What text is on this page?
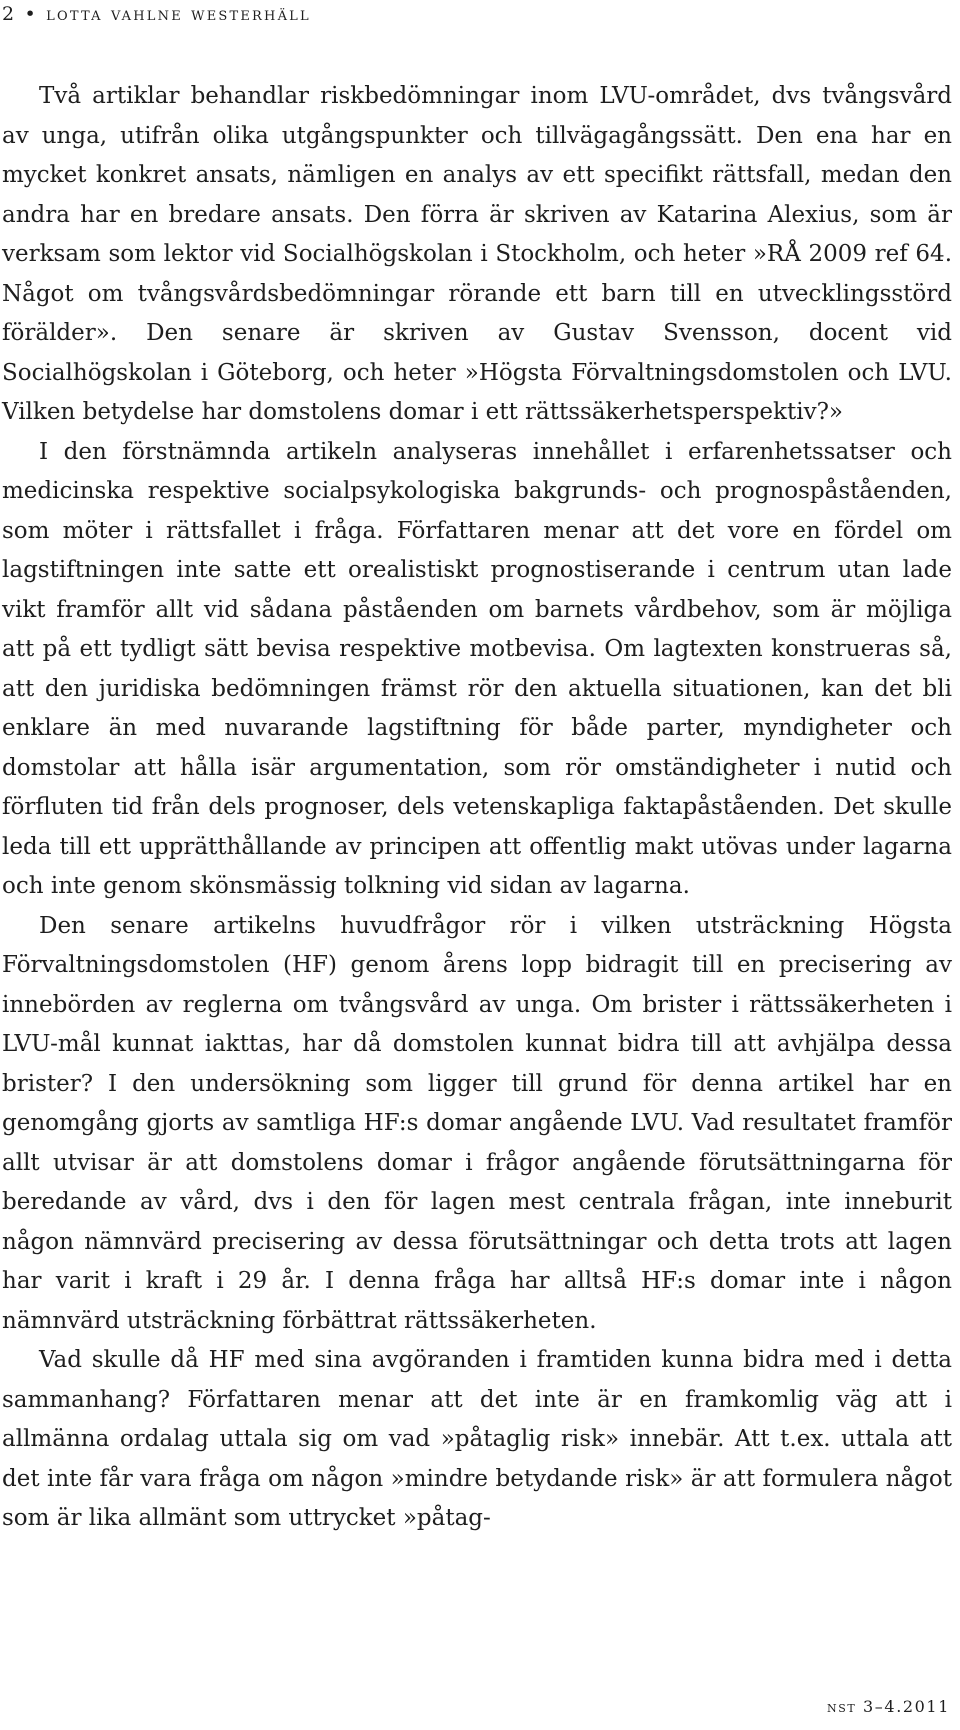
2 • lotta vahlne westerhäll

Två artiklar behandlar riskbedömningar inom LVU-området, dvs tvångsvård av unga, utifrån olika utgångspunkter och tillvägagångssätt. Den ena har en mycket konkret ansats, nämligen en analys av ett specifikt rättsfall, medan den andra har en bredare ansats. Den förra är skriven av Katarina Alexius, som är verksam som lektor vid Socialhögskolan i Stockholm, och heter »RÅ 2009 ref 64. Något om tvångsvårdsbedömningar rörande ett barn till en utvecklingsstörd förälder». Den senare är skriven av Gustav Svensson, docent vid Socialhögskolan i Göteborg, och heter »Högsta Förvaltningsdomstolen och LVU. Vilken betydelse har domstolens domar i ett rättssäkerhetsperspektiv?»

I den förstnämnda artikeln analyseras innehållet i erfarenhetssatser och medicinska respektive socialpsykologiska bakgrunds- och prognospåståenden, som möter i rättsfallet i fråga. Författaren menar att det vore en fördel om lagstiftningen inte satte ett orealistiskt prognostiserande i centrum utan lade vikt framför allt vid sådana påståenden om barnets vårdbehov, som är möjliga att på ett tydligt sätt bevisa respektive motbevisa. Om lagtexten konstrueras så, att den juridiska bedömningen främst rör den aktuella situationen, kan det bli enklare än med nuvarande lagstiftning för både parter, myndigheter och domstolar att hålla isär argumentation, som rör omständigheter i nutid och förfluten tid från dels prognoser, dels vetenskapliga faktapåståenden. Det skulle leda till ett upprätthållande av principen att offentlig makt utövas under lagarna och inte genom skönsmässig tolkning vid sidan av lagarna.

Den senare artikelns huvudfrågor rör i vilken utsträckning Högsta Förvaltningsdomstolen (HF) genom årens lopp bidragit till en precisering av innebörden av reglerna om tvångsvård av unga. Om brister i rättssäkerheten i LVU-mål kunnat iakttas, har då domstolen kunnat bidra till att avhjälpa dessa brister? I den undersökning som ligger till grund för denna artikel har en genomgång gjorts av samtliga HF:s domar angående LVU. Vad resultatet framför allt utvisar är att domstolens domar i frågor angående förutsättningarna för beredande av vård, dvs i den för lagen mest centrala frågan, inte inneburit någon nämnvärd precisering av dessa förutsättningar och detta trots att lagen har varit i kraft i 29 år. I denna fråga har alltså HF:s domar inte i någon nämnvärd utsträckning förbättrat rättssäkerheten.

Vad skulle då HF med sina avgöranden i framtiden kunna bidra med i detta sammanhang? Författaren menar att det inte är en framkomlig väg att i allmänna ordalag uttala sig om vad »påtaglig risk» innebär. Att t.ex. uttala att det inte får vara fråga om någon »mindre betydande risk» är att formulera något som är lika allmänt som uttrycket »påtag-

nst 3–4.2011
